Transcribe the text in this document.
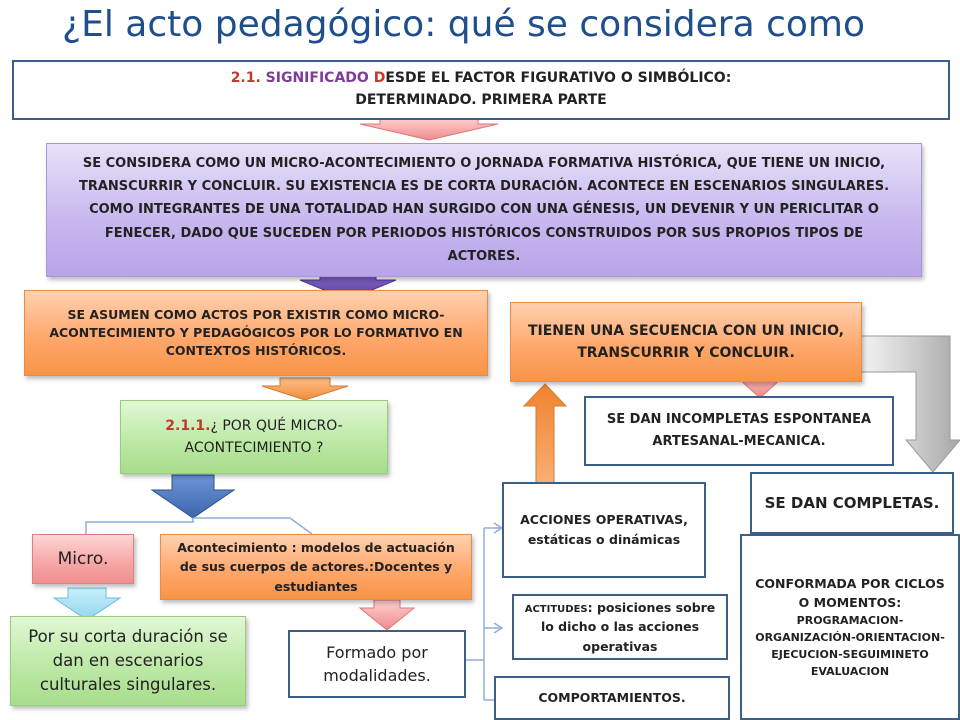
¿El acto pedagógico: qué se considera como
2.1. SIGNIFICADO DESDE EL FACTOR FIGURATIVO O SIMBÓLICO:
DETERMINADO. PRIMERA PARTE
SE CONSIDERA COMO UN MICRO-ACONTECIMIENTO O JORNADA FORMATIVA HISTÓRICA, QUE TIENE UN INICIO, TRANSCURRIR Y CONCLUIR. SU EXISTENCIA ES DE CORTA DURACIÓN. ACONTECE EN ESCENARIOS SINGULARES. COMO INTEGRANTES DE UNA TOTALIDAD HAN SURGIDO CON UNA GÉNESIS, UN DEVENIR Y UN PERICLITAR O FENECER, DADO QUE SUCEDEN POR PERIODOS HISTÓRICOS CONSTRUIDOS POR SUS PROPIOS TIPOS DE ACTORES.
SE ASUMEN COMO ACTOS POR EXISTIR COMO MICRO-ACONTECIMIENTO Y PEDAGÓGICOS POR LO FORMATIVO EN CONTEXTOS HISTÓRICOS.
TIENEN UNA SECUENCIA CON UN INICIO, TRANSCURRIR Y CONCLUIR.
2.1.1.¿ POR QUÉ MICRO-ACONTECIMIENTO ?
SE DAN INCOMPLETAS ESPONTANEA ARTESANAL-MECANICA.
SE DAN COMPLETAS.
CONFORMADA POR CICLOS O MOMENTOS:
PROGRAMACION-ORGANIZACIÓN-ORIENTACION-EJECUCION-SEGUIMINETO EVALUACION
ACCIONES OPERATIVAS, estáticas o dinámicas
ACTITUDES: posiciones sobre lo dicho o las acciones operativas
COMPORTAMIENTOS.
Micro.
Acontecimiento : modelos de actuación de sus cuerpos de actores.:Docentes y estudiantes
Por su corta duración se dan en escenarios culturales singulares.
Formado por modalidades.
